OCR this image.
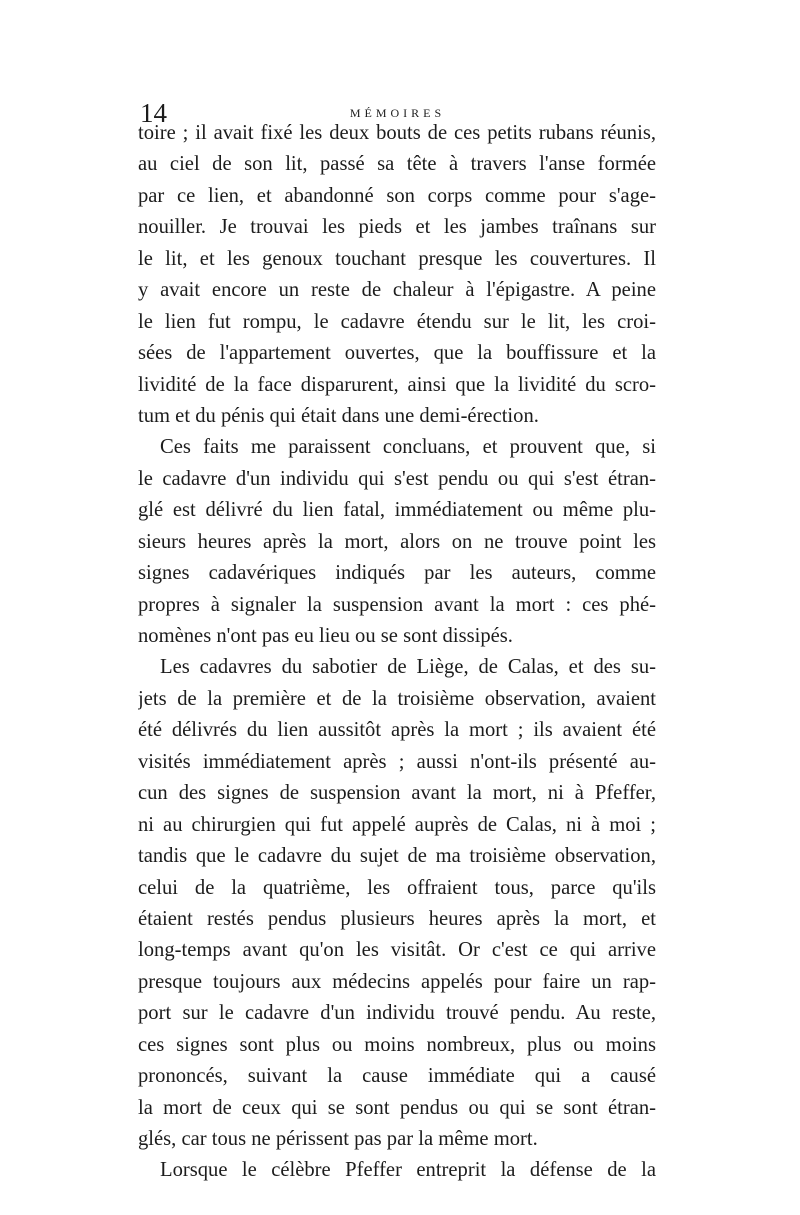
14	MÉMOIRES
toire ; il avait fixé les deux bouts de ces petits rubans réunis,
au ciel de son lit, passé sa tête à travers l'anse formée
par ce lien, et abandonné son corps comme pour s'age-
nouiller. Je trouvai les pieds et les jambes traînans sur
le lit, et les genoux touchant presque les couvertures. Il
y avait encore un reste de chaleur à l'épigastre. A peine
le lien fut rompu, le cadavre étendu sur le lit, les croi-
sées de l'appartement ouvertes, que la bouffissure et la
lividité de la face disparurent, ainsi que la lividité du scro-
tum et du pénis qui était dans une demi-érection.
Ces faits me paraissent concluans, et prouvent que, si
le cadavre d'un individu qui s'est pendu ou qui s'est étran-
glé est délivré du lien fatal, immédiatement ou même plu-
sieurs heures après la mort, alors on ne trouve point les
signes cadavériques indiqués par les auteurs, comme
propres à signaler la suspension avant la mort : ces phé-
nomènes n'ont pas eu lieu ou se sont dissipés.
Les cadavres du sabotier de Liège, de Calas, et des su-
jets de la première et de la troisième observation, avaient
été délivrés du lien aussitôt après la mort ; ils avaient été
visités immédiatement après ; aussi n'ont-ils présenté au-
cun des signes de suspension avant la mort, ni à Pfeffer,
ni au chirurgien qui fut appelé auprès de Calas, ni à moi ;
tandis que le cadavre du sujet de ma troisième observation,
celui de la quatrième, les offraient tous, parce qu'ils
étaient restés pendus plusieurs heures après la mort, et
long-temps avant qu'on les visitât. Or c'est ce qui arrive
presque toujours aux médecins appelés pour faire un rap-
port sur le cadavre d'un individu trouvé pendu. Au reste,
ces signes sont plus ou moins nombreux, plus ou moins
prononcés, suivant la cause immédiate qui a causé
la mort de ceux qui se sont pendus ou qui se sont étran-
glés, car tous ne périssent pas par la même mort.
Lorsque le célèbre Pfeffer entreprit la défense de la
